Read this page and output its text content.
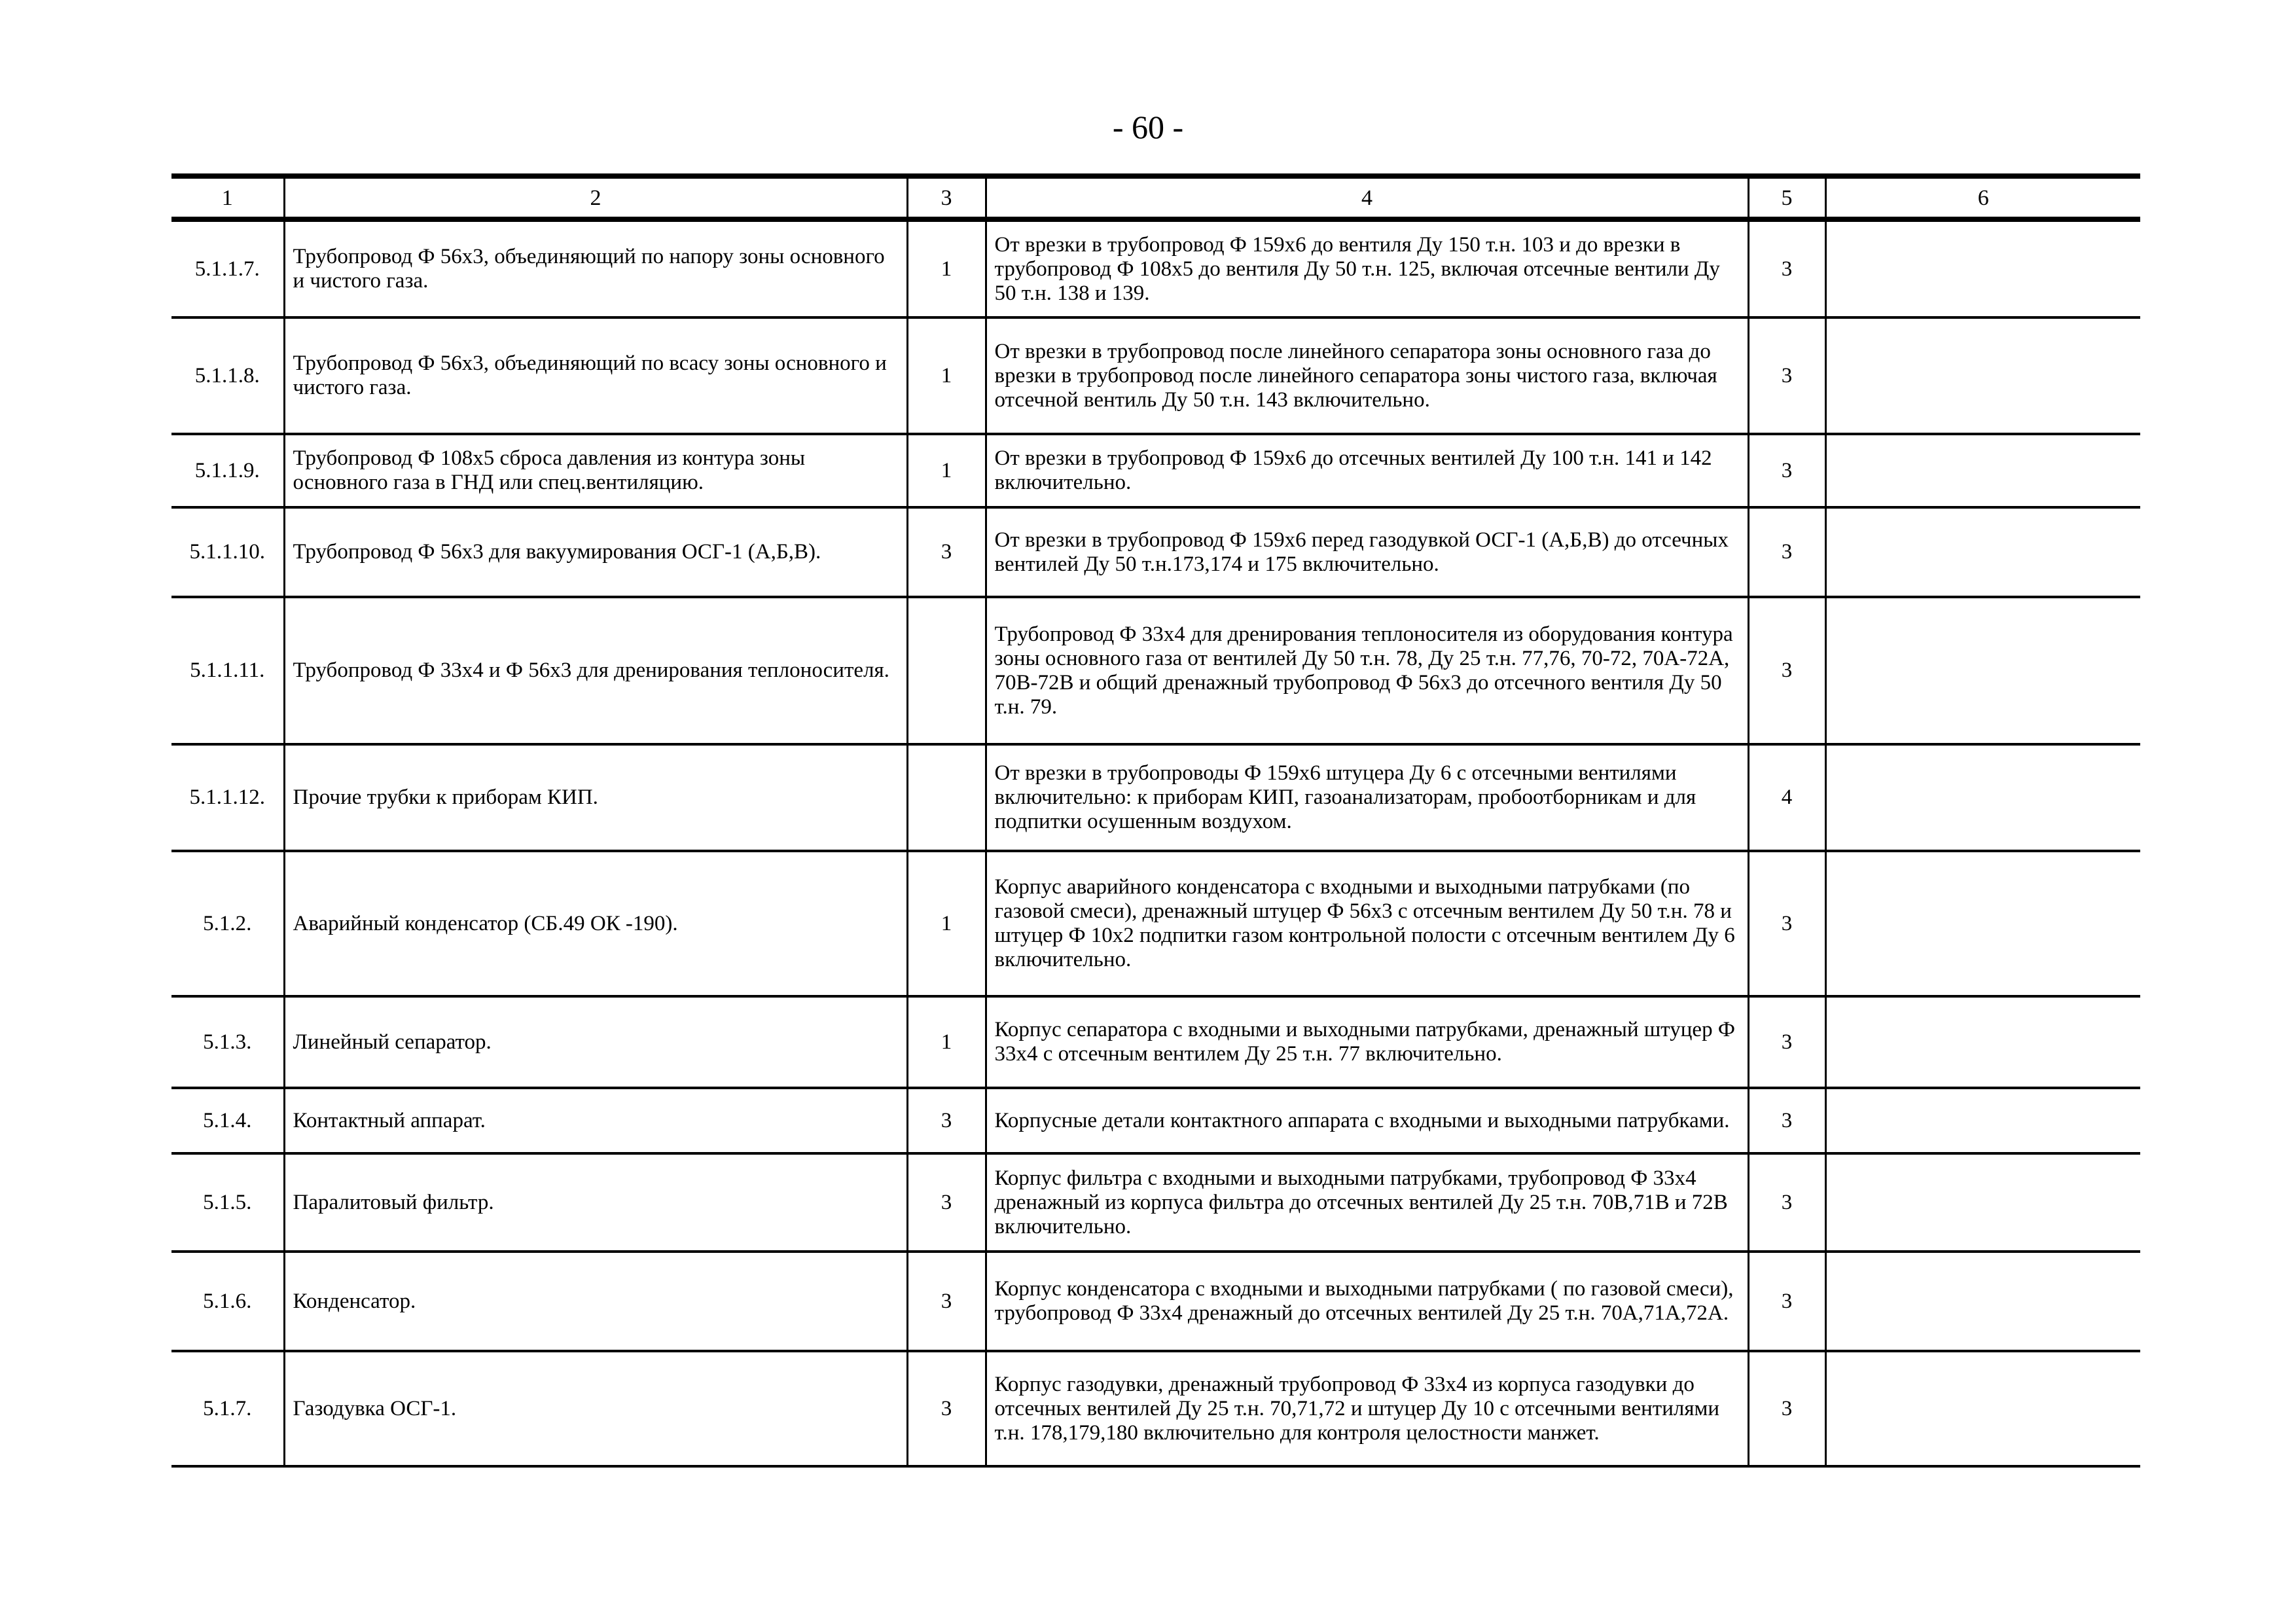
- 60 -
1	2	3	4	5	6
5.1.1.7.	Трубопровод Ф 56х3, объединяющий по напору зоны основного и чистого газа.	1	От врезки в трубопровод Ф 159х6 до вентиля Ду 150 т.н. 103 и до врезки в трубопровод Ф 108х5 до вентиля Ду 50 т.н. 125, включая отсечные вентили Ду 50 т.н. 138 и 139.	3	
5.1.1.8.	Трубопровод Ф 56х3, объединяющий по всасу зоны основного и чистого газа.	1	От врезки в трубопровод после линейного сепаратора зоны основного газа до врезки в трубопровод после линейного сепаратора зоны чистого газа, включая отсечной вентиль Ду 50 т.н. 143 включительно.	3	
5.1.1.9.	Трубопровод Ф 108х5 сброса давления из контура зоны основного газа в ГНД или спец.вентиляцию.	1	От врезки в трубопровод Ф 159х6 до отсечных вентилей Ду 100 т.н. 141 и 142 включительно.	3	
5.1.1.10.	Трубопровод Ф 56х3 для вакуумирования ОСГ-1 (А,Б,В).	3	От врезки в трубопровод Ф 159х6 перед газодувкой ОСГ-1 (А,Б,В) до отсечных вентилей Ду 50 т.н.173,174 и 175 включительно.	3	
5.1.1.11.	Трубопровод Ф 33х4 и Ф 56х3 для дренирования теплоносителя.		Трубопровод Ф 33х4 для дренирования теплоносителя из оборудования контура зоны основного газа от вентилей Ду 50 т.н. 78, Ду 25 т.н. 77,76, 70-72, 70А-72А, 70В-72В и общий дренажный трубопровод Ф 56х3 до отсечного вентиля Ду 50 т.н. 79.	3	
5.1.1.12.	Прочие трубки к приборам КИП.		От врезки в трубопроводы Ф 159х6 штуцера Ду 6 с отсечными вентилями включительно: к приборам КИП, газоанализаторам, пробоотборникам и для подпитки осушенным воздухом.	4	
5.1.2.	Аварийный конденсатор (СБ.49 ОК -190).	1	Корпус аварийного конденсатора с входными и выходными патрубками (по газовой смеси), дренажный штуцер Ф 56х3 с отсечным вентилем Ду 50 т.н. 78 и штуцер Ф 10х2 подпитки газом контрольной полости с отсечным вентилем Ду 6 включительно.	3	
5.1.3.	Линейный сепаратор.	1	Корпус сепаратора с входными и выходными патрубками, дренажный штуцер Ф 33х4 с отсечным вентилем Ду 25 т.н. 77 включительно.	3	
5.1.4.	Контактный аппарат.	3	Корпусные детали контактного аппарата с входными и выходными патрубками.	3	
5.1.5.	Паралитовый фильтр.	3	Корпус фильтра с входными и выходными патрубками, трубопровод Ф 33х4 дренажный из корпуса фильтра до отсечных вентилей Ду 25 т.н. 70В,71В и 72В включительно.	3	
5.1.6.	Конденсатор.	3	Корпус конденсатора с входными и выходными патрубками ( по газовой смеси), трубопровод Ф 33х4 дренажный до отсечных вентилей Ду 25 т.н. 70А,71А,72А.	3	
5.1.7.	Газодувка ОСГ-1.	3	Корпус газодувки, дренажный трубопровод Ф 33х4 из корпуса газодувки до отсечных вентилей Ду 25 т.н. 70,71,72 и штуцер Ду 10 с отсечными вентилями т.н. 178,179,180 включительно для контроля целостности манжет.	3	
